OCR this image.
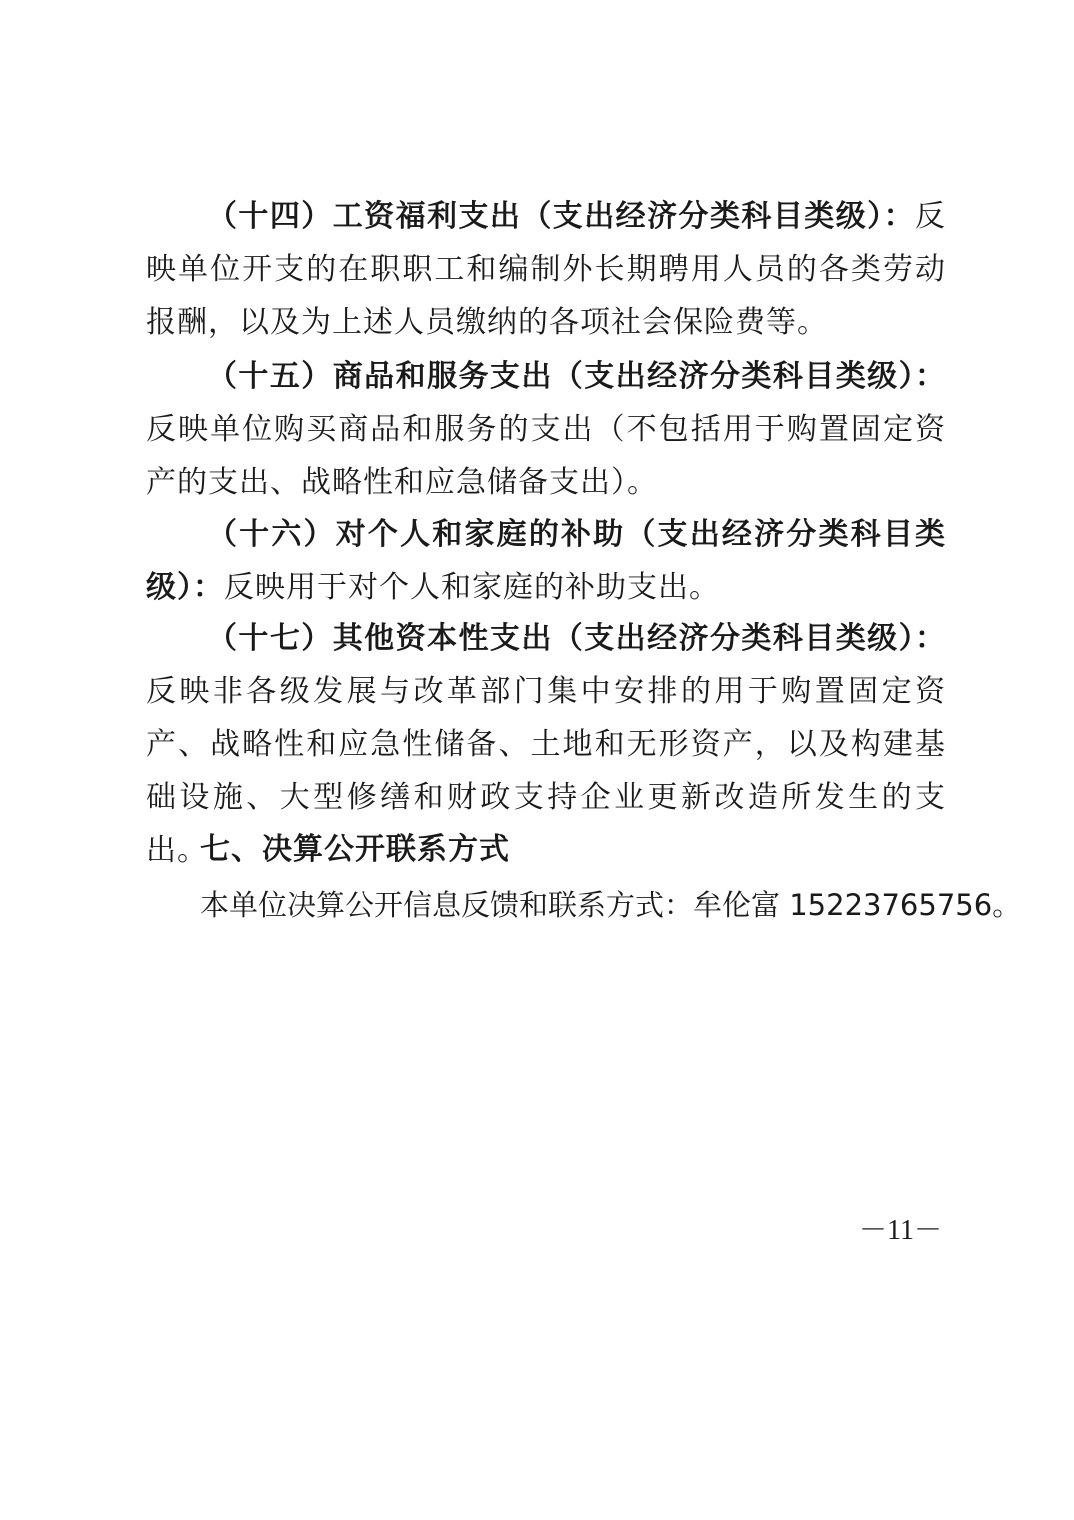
（十四）工资福利支出（支出经济分类科目类级）：反映单位开支的在职职工和编制外长期聘用人员的各类劳动报酬，以及为上述人员缴纳的各项社会保险费等。

（十五）商品和服务支出（支出经济分类科目类级）：反映单位购买商品和服务的支出（不包括用于购置固定资产的支出、战略性和应急储备支出）。

（十六）对个人和家庭的补助（支出经济分类科目类级）：反映用于对个人和家庭的补助支出。

（十七）其他资本性支出（支出经济分类科目类级）：反映非各级发展与改革部门集中安排的用于购置固定资产、战略性和应急性储备、土地和无形资产，以及构建基础设施、大型修缮和财政支持企业更新改造所发生的支出。

七、决算公开联系方式

本单位决算公开信息反馈和联系方式：牟伦富 15223765756。

－11－
